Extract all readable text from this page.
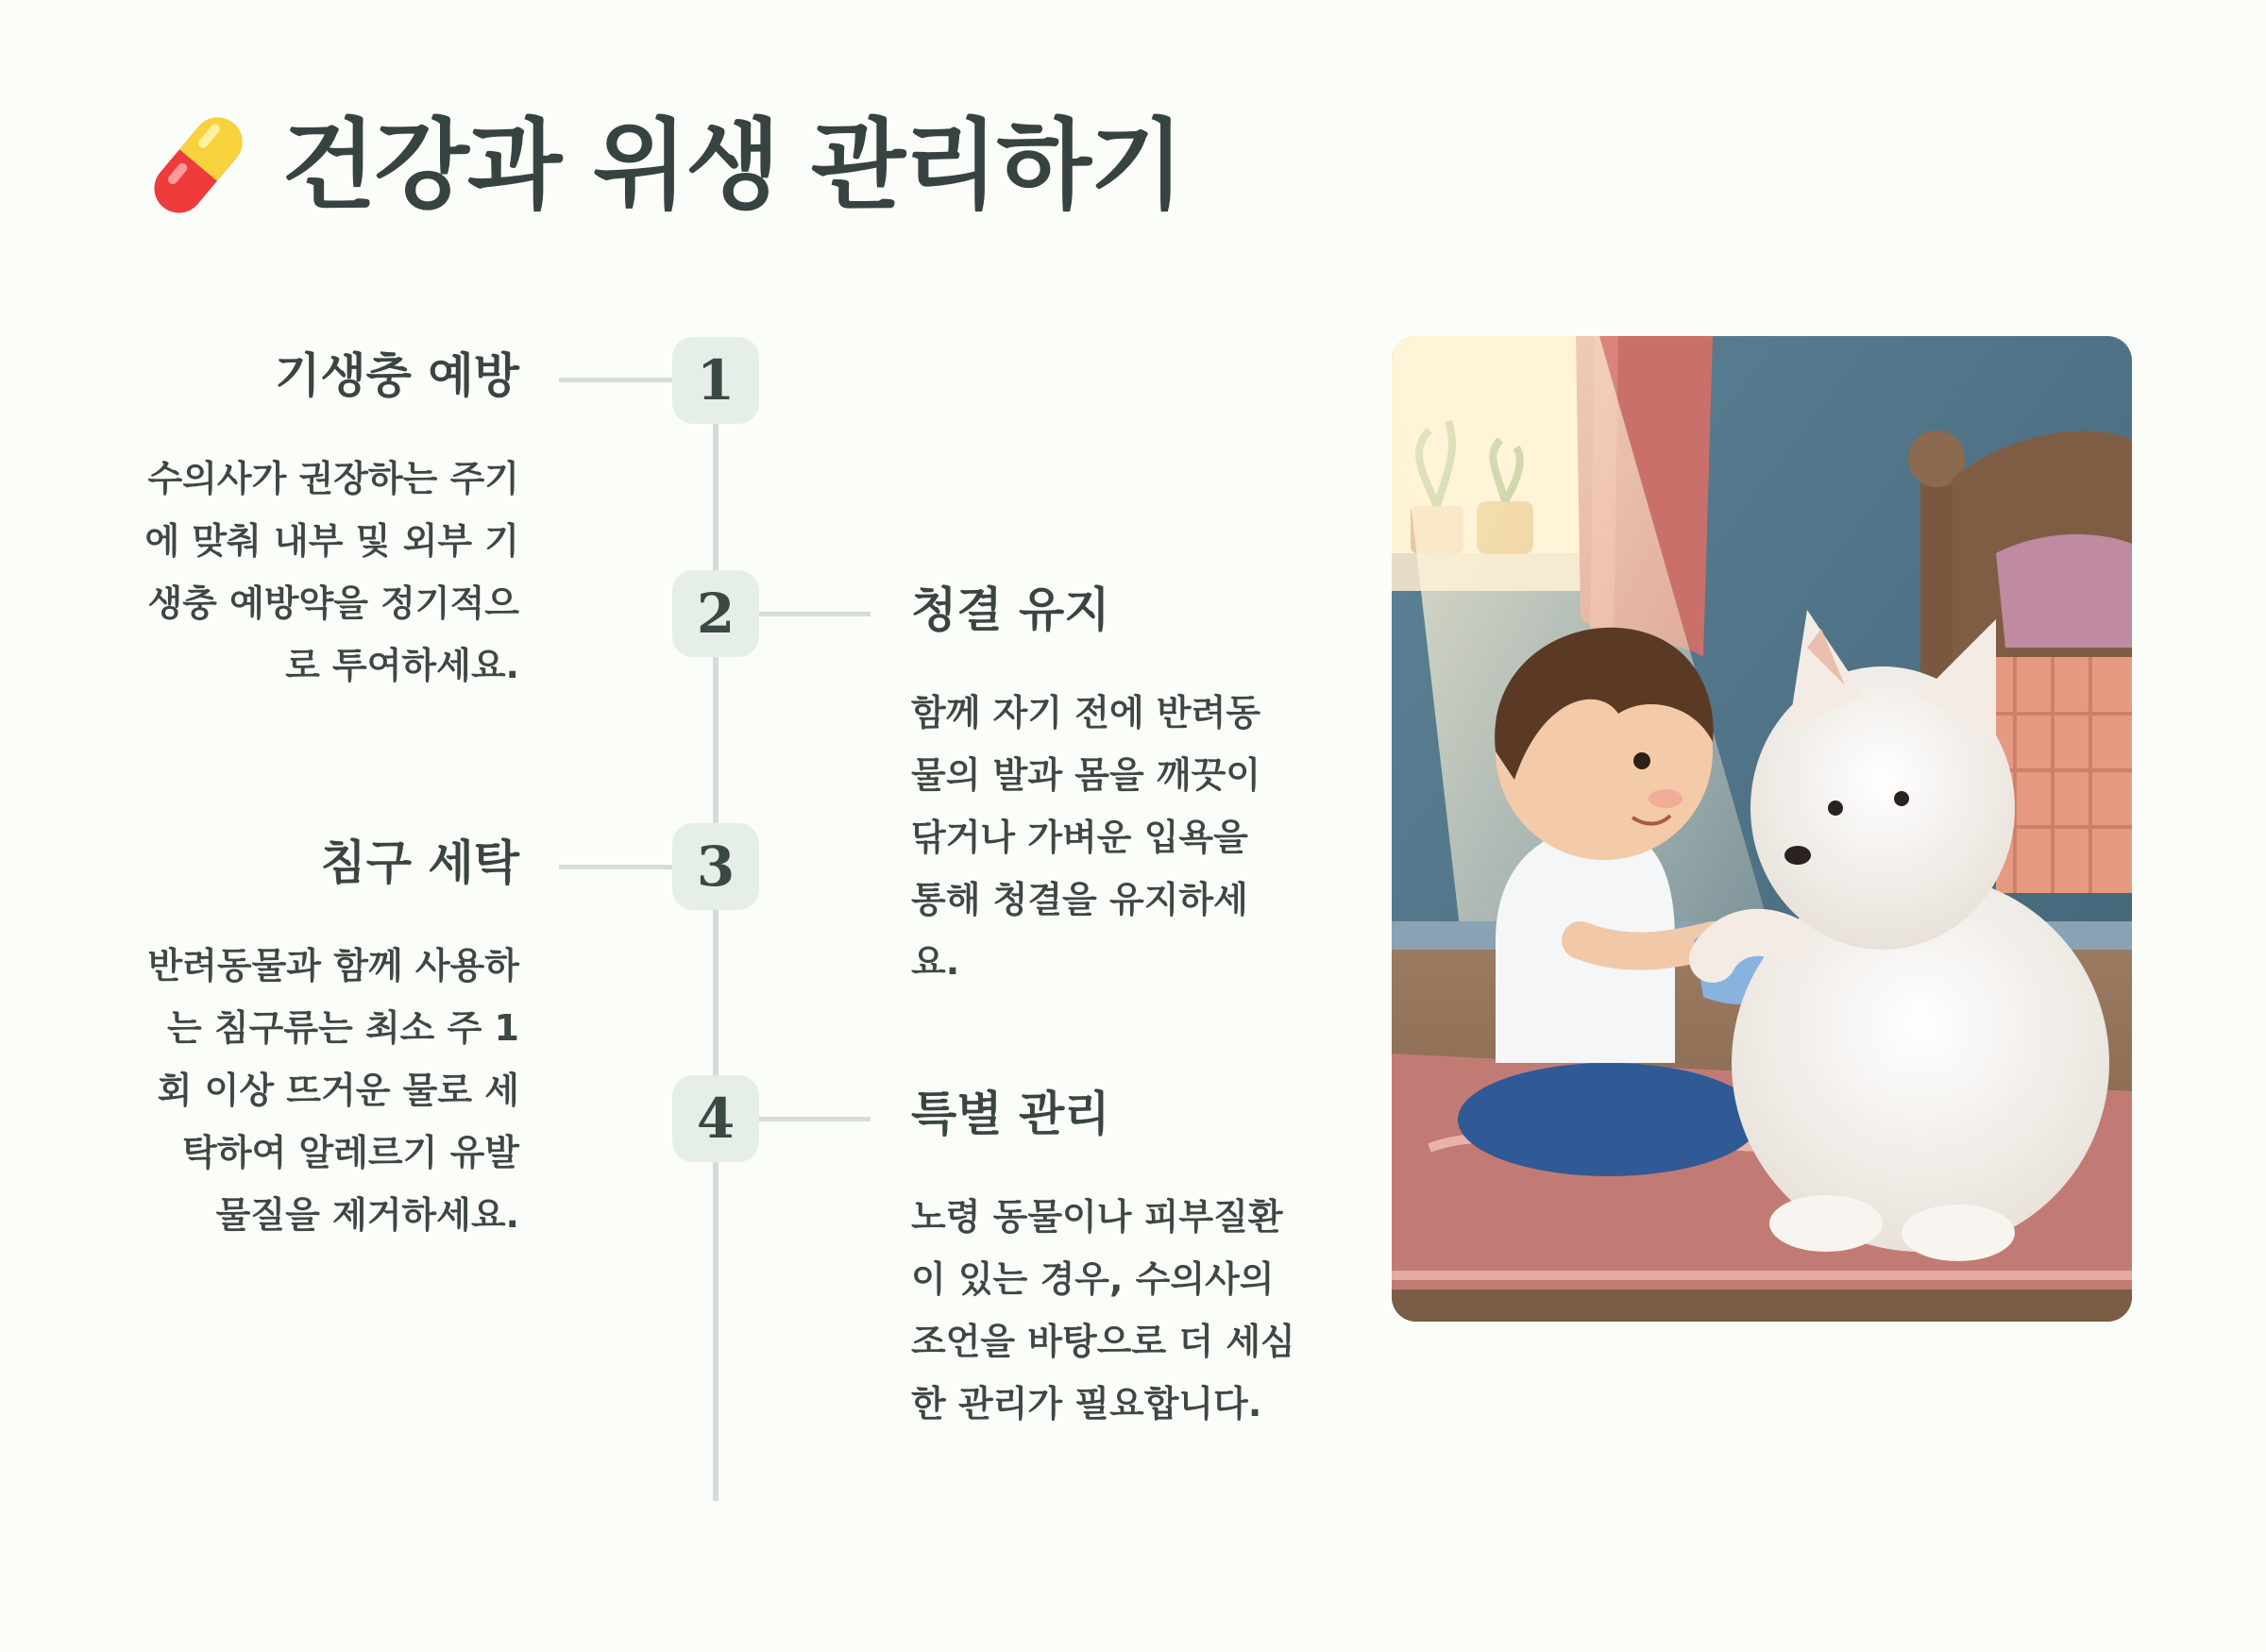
건강과 위생 관리하기
1
기생충 예방
수의사가 권장하는 주기에 맞춰 내부 및 외부 기생충 예방약을 정기적으로 투여하세요.
2	청결 유지
함께 자기 전에 반려동물의 발과 몸을 깨끗이 닦거나 가벼운 입욕을 통해 청결을 유지하세요.
3
침구 세탁
반려동물과 함께 사용하는 침구류는 최소 주 1회 이상 뜨거운 물로 세탁하여 알레르기 유발 물질을 제거하세요.
4	특별 관리
노령 동물이나 피부질환이 있는 경우, 수의사의 조언을 바탕으로 더 세심한 관리가 필요합니다.
